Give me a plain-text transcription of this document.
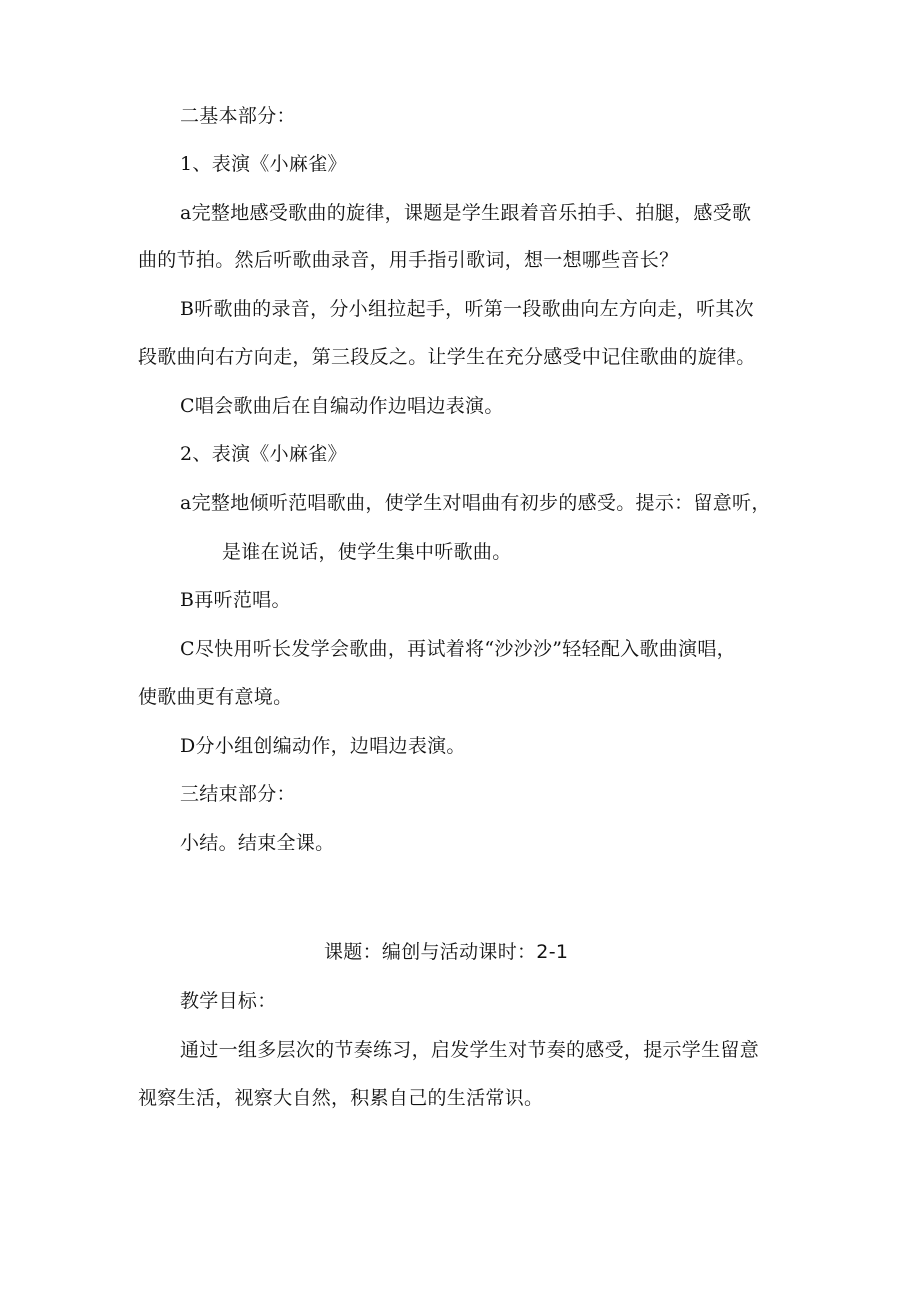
二基本部分：
1、表演《小麻雀》
a完整地感受歌曲的旋律，课题是学生跟着音乐拍手、拍腿，感受歌
曲的节拍。然后听歌曲录音，用手指引歌词，想一想哪些音长？
B听歌曲的录音，分小组拉起手，听第一段歌曲向左方向走，听其次
段歌曲向右方向走，第三段反之。让学生在充分感受中记住歌曲的旋律。
C唱会歌曲后在自编动作边唱边表演。
2、表演《小麻雀》
a完整地倾听范唱歌曲，使学生对唱曲有初步的感受。提示：留意听，
是谁在说话，使学生集中听歌曲。
B再听范唱。
C尽快用听长发学会歌曲，再试着将“沙沙沙”轻轻配入歌曲演唱，
使歌曲更有意境。
D分小组创编动作，边唱边表演。
三结束部分：
小结。结束全课。
课题：编创与活动课时：2-1
教学目标：
通过一组多层次的节奏练习，启发学生对节奏的感受，提示学生留意
视察生活，视察大自然，积累自己的生活常识。
